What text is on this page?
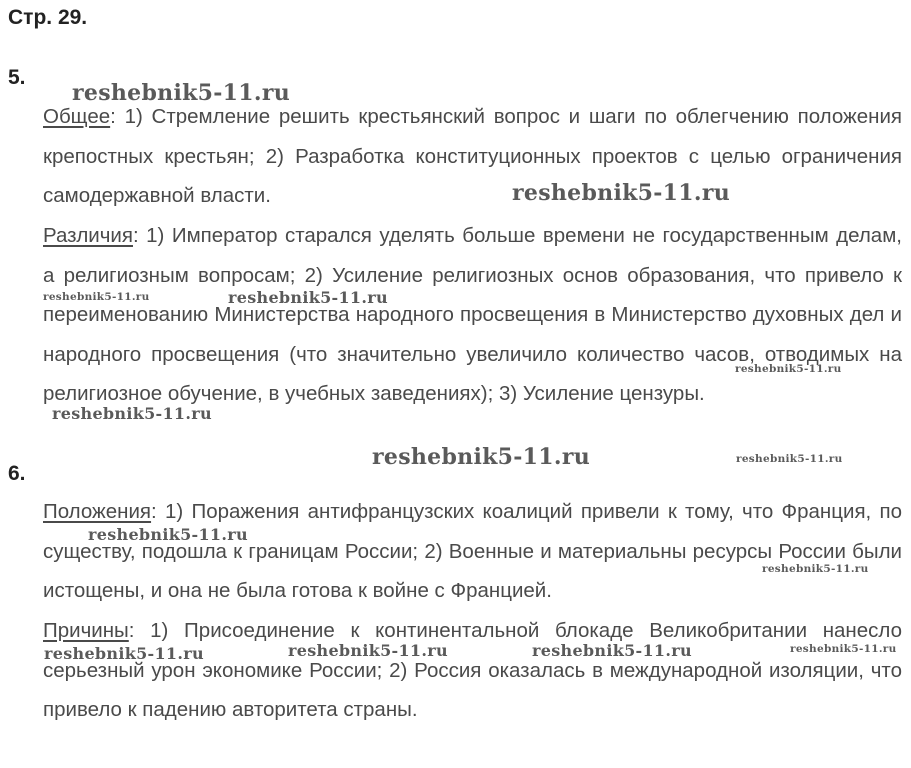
Стр. 29.
5.

Общее: 1) Стремление решить крестьянский вопрос и шаги по облегчению положения крепостных крестьян; 2) Разработка конституционных проектов с целью ограничения самодержавной власти.

Различия: 1) Император старался уделять больше времени не государственным делам, а религиозным вопросам; 2) Усиление религиозных основ образования, что привело к переименованию Министерства народного просвещения в Министерство духовных дел и народного просвещения (что значительно увеличило количество часов, отводимых на религиозное обучение, в учебных заведениях); 3) Усиление цензуры.

6.

Положения: 1) Поражения антифранцузских коалиций привели к тому, что Франция, по существу, подошла к границам России; 2) Военные и материальны ресурсы России были истощены, и она не была готова к войне с Францией.

Причины: 1) Присоединение к континентальной блокаде Великобритании нанесло серьезный урон экономике России; 2) Россия оказалась в международной изоляции, что привело к падению авторитета страны.

reshebnik5-11.ru
reshebnik5-11.ru
reshebnik5-11.ru	reshebnik5-11.ru
reshebnik5-11.ru
reshebnik5-11.ru
reshebnik5-11.ru	reshebnik5-11.ru
reshebnik5-11.ru
reshebnik5-11.ru
reshebnik5-11.ru	reshebnik5-11.ru	reshebnik5-11.ru	reshebnik5-11.ru
